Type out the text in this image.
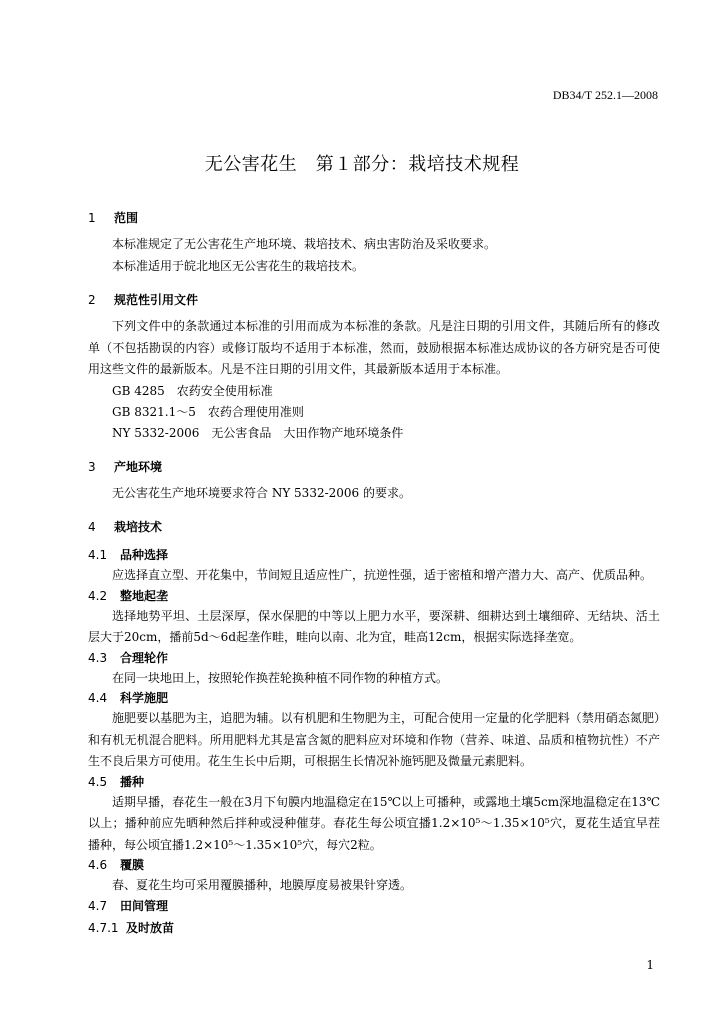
DB34/T 252.1—2008
无公害花生　第１部分：栽培技术规程
1 范围

本标准规定了无公害花生产地环境、栽培技术、病虫害防治及采收要求。

本标准适用于皖北地区无公害花生的栽培技术。

2 规范性引用文件

下列文件中的条款通过本标准的引用而成为本标准的条款。凡是注日期的引用文件，其随后所有的修改单（不包括勘误的内容）或修订版均不适用于本标准，然而，鼓励根据本标准达成协议的各方研究是否可使用这些文件的最新版本。凡是不注日期的引用文件，其最新版本适用于本标准。

GB 4285　农药安全使用标准

GB 8321.1～5　农药合理使用准则

NY 5332-2006　无公害食品　大田作物产地环境条件

3 产地环境

无公害花生产地环境要求符合 NY 5332-2006 的要求。

4 栽培技术
4.1 品种选择

应选择直立型、开花集中，节间短且适应性广，抗逆性强，适于密植和增产潜力大、高产、优质品种。

4.2 整地起垄

选择地势平坦、土层深厚，保水保肥的中等以上肥力水平，要深耕、细耕达到土壤细碎、无结块、活土层大于20cm，播前5d～6d起垄作畦，畦向以南、北为宜，畦高12cm，根据实际选择垄宽。

4.3 合理轮作

在同一块地田上，按照轮作换茬轮换种植不同作物的种植方式。

4.4 科学施肥

施肥要以基肥为主，追肥为辅。以有机肥和生物肥为主，可配合使用一定量的化学肥料（禁用硝态氮肥）和有机无机混合肥料。所用肥料尤其是富含氮的肥料应对环境和作物（营养、味道、品质和植物抗性）不产生不良后果方可使用。花生生长中后期，可根据生长情况补施钙肥及微量元素肥料。

4.5 播种

适期早播，春花生一般在3月下旬膜内地温稳定在15℃以上可播种，或露地土壤5cm深地温稳定在13℃以上；播种前应先晒种然后拌种或浸种催芽。春花生每公顷宜播1.2×10⁵～1.35×10⁵穴，夏花生适宜早茬播种，每公顷宜播1.2×10⁵～1.35×10⁵穴，每穴2粒。

4.6 覆膜

春、夏花生均可采用覆膜播种，地膜厚度易被果针穿透。

4.7 田间管理
4.7.1 及时放苗
1
